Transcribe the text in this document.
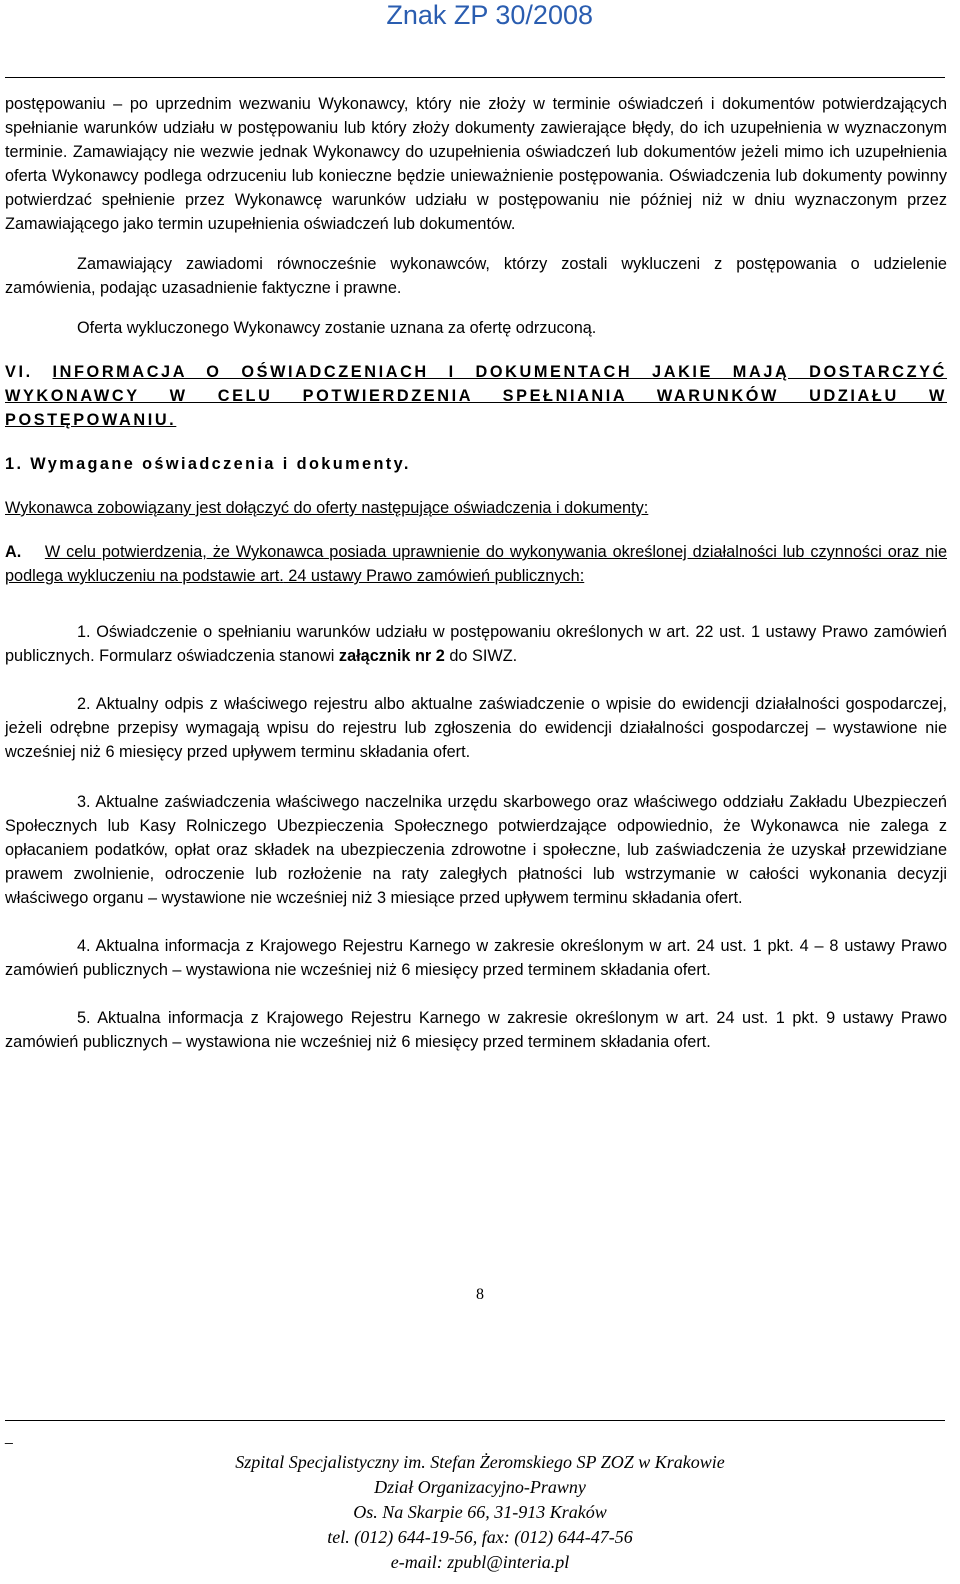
Znak ZP 30/2008

postępowaniu – po uprzednim wezwaniu Wykonawcy, który nie złoży w terminie oświadczeń i dokumentów potwierdzających spełnianie warunków udziału w postępowaniu lub który złoży dokumenty zawierające błędy, do ich uzupełnienia w wyznaczonym terminie. Zamawiający nie wezwie jednak Wykonawcy do uzupełnienia oświadczeń lub dokumentów jeżeli mimo ich uzupełnienia oferta Wykonawcy podlega odrzuceniu lub konieczne będzie unieważnienie postępowania. Oświadczenia lub dokumenty powinny potwierdzać spełnienie przez Wykonawcę warunków udziału w postępowaniu nie później niż w dniu wyznaczonym przez Zamawiającego jako termin uzupełnienia oświadczeń lub dokumentów.

Zamawiający zawiadomi równocześnie wykonawców, którzy zostali wykluczeni z postępowania o udzielenie zamówienia, podając uzasadnienie faktyczne i prawne.

Oferta wykluczonego Wykonawcy zostanie uznana za ofertę odrzuconą.

VI. INFORMACJA O OŚWIADCZENIACH I DOKUMENTACH JAKIE MAJĄ DOSTARCZYĆ WYKONAWCY W CELU POTWIERDZENIA SPEŁNIANIA WARUNKÓW UDZIAŁU W POSTĘPOWANIU.

1. Wymagane oświadczenia i dokumenty.

Wykonawca zobowiązany jest dołączyć do oferty następujące oświadczenia i dokumenty:

A. W celu potwierdzenia, że Wykonawca posiada uprawnienie do wykonywania określonej działalności lub czynności oraz nie podlega wykluczeniu na podstawie art. 24 ustawy Prawo zamówień publicznych:

1. Oświadczenie o spełnianiu warunków udziału w postępowaniu określonych w art. 22 ust. 1 ustawy Prawo zamówień publicznych. Formularz oświadczenia stanowi załącznik nr 2 do SIWZ.

2. Aktualny odpis z właściwego rejestru albo aktualne zaświadczenie o wpisie do ewidencji działalności gospodarczej, jeżeli odrębne przepisy wymagają wpisu do rejestru lub zgłoszenia do ewidencji działalności gospodarczej – wystawione nie wcześniej niż 6 miesięcy przed upływem terminu składania ofert.

3. Aktualne zaświadczenia właściwego naczelnika urzędu skarbowego oraz właściwego oddziału Zakładu Ubezpieczeń Społecznych lub Kasy Rolniczego Ubezpieczenia Społecznego potwierdzające odpowiednio, że Wykonawca nie zalega z opłacaniem podatków, opłat oraz składek na ubezpieczenia zdrowotne i społeczne, lub zaświadczenia że uzyskał przewidziane prawem zwolnienie, odroczenie lub rozłożenie na raty zaległych płatności lub wstrzymanie w całości wykonania decyzji właściwego organu – wystawione nie wcześniej niż 3 miesiące przed upływem terminu składania ofert.

4. Aktualna informacja z Krajowego Rejestru Karnego w zakresie określonym w art. 24 ust. 1 pkt. 4 – 8 ustawy Prawo zamówień publicznych – wystawiona nie wcześniej niż 6 miesięcy przed terminem składania ofert.

5. Aktualna informacja z Krajowego Rejestru Karnego w zakresie określonym w art. 24 ust. 1 pkt. 9 ustawy Prawo zamówień publicznych – wystawiona nie wcześniej niż 6 miesięcy przed terminem składania ofert.

8
_
Szpital Specjalistyczny im. Stefan Żeromskiego SP ZOZ w Krakowie
Dział Organizacyjno-Prawny
Os. Na Skarpie 66, 31-913 Kraków
tel. (012) 644-19-56, fax: (012) 644-47-56
e-mail: zpubl@interia.pl
